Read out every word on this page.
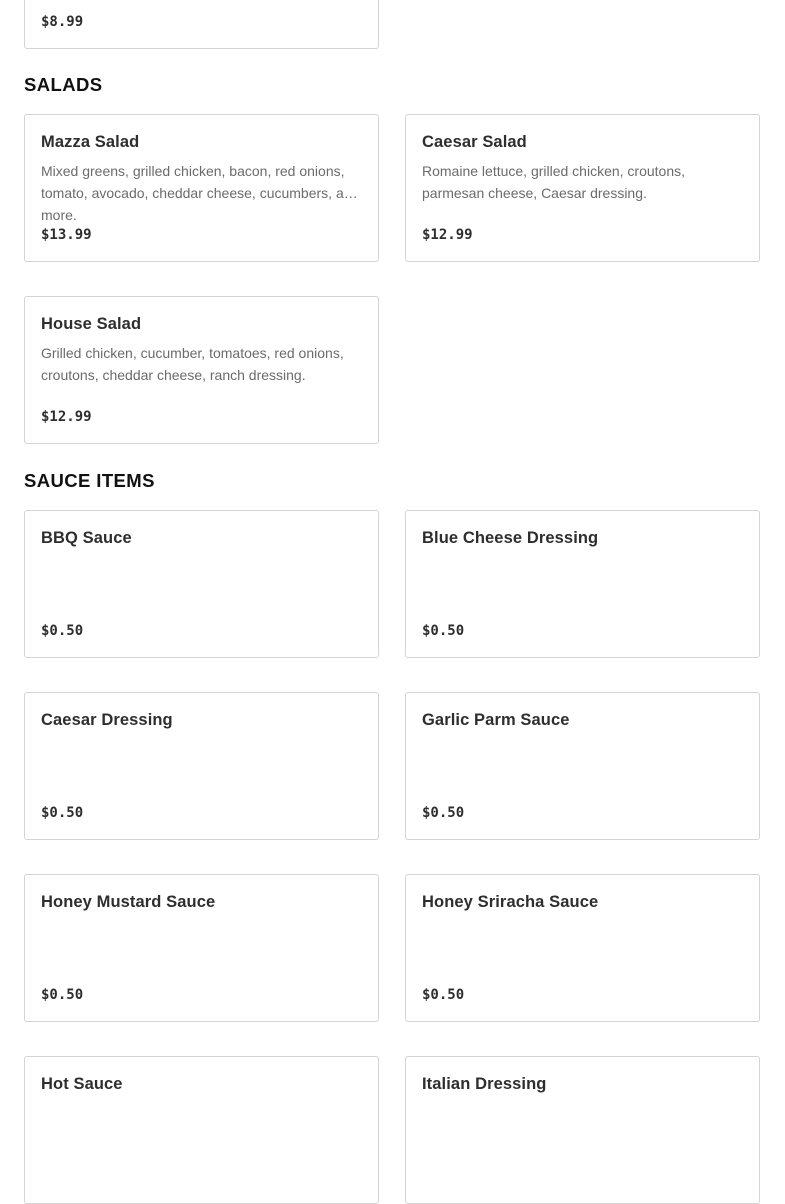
$8.99
SALADS
Mazza Salad
Mixed greens, grilled chicken, bacon, red onions, tomato, avocado, cheddar cheese, cucumbers, and more.
$13.99
Caesar Salad
Romaine lettuce, grilled chicken, croutons, parmesan cheese, Caesar dressing.
$12.99
House Salad
Grilled chicken, cucumber, tomatoes, red onions, croutons, cheddar cheese, ranch dressing.
$12.99
SAUCE ITEMS
BBQ Sauce
$0.50
Blue Cheese Dressing
$0.50
Caesar Dressing
$0.50
Garlic Parm Sauce
$0.50
Honey Mustard Sauce
$0.50
Honey Sriracha Sauce
$0.50
Hot Sauce	Italian Dressing
